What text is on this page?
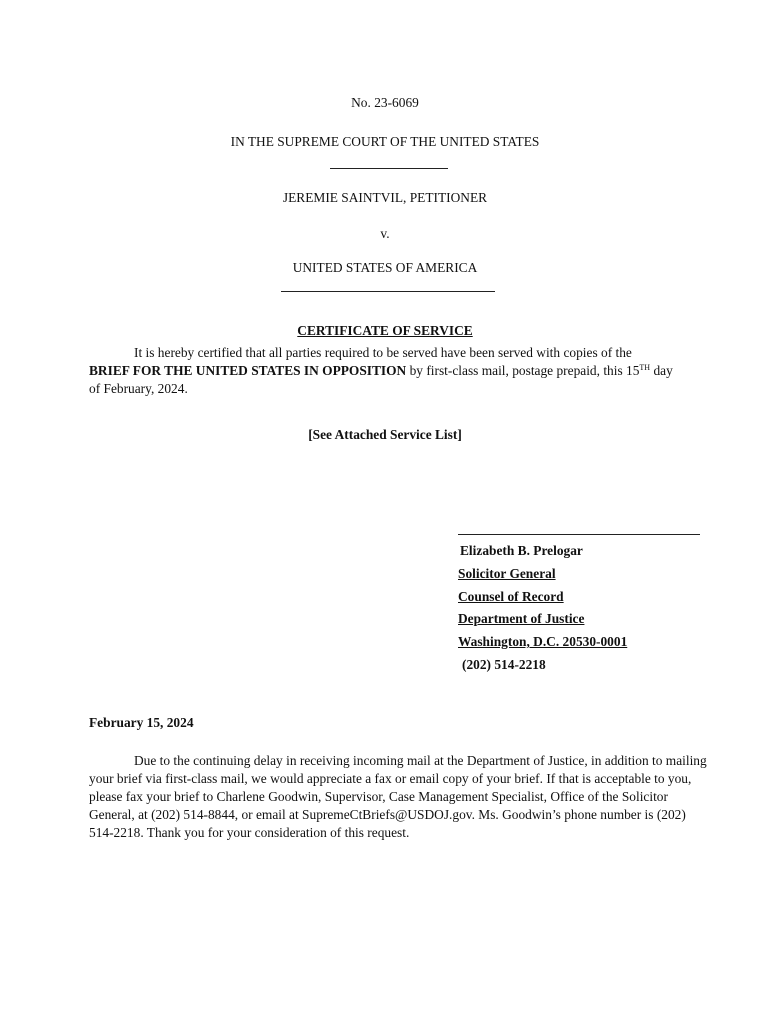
No. 23-6069
IN THE SUPREME COURT OF THE UNITED STATES
JEREMIE SAINTVIL, PETITIONER
v.
UNITED STATES OF AMERICA
CERTIFICATE OF SERVICE
It is hereby certified that all parties required to be served have been served with copies of the
BRIEF FOR THE UNITED STATES IN OPPOSITION by first-class mail, postage prepaid, this 15TH day
of February, 2024.
[See Attached Service List]
Elizabeth B. Prelogar
Solicitor General
Counsel of Record
Department of Justice
Washington, D.C. 20530-0001
(202) 514-2218
February 15, 2024
Due to the continuing delay in receiving incoming mail at the Department of Justice, in addition to mailing your brief via first-class mail, we would appreciate a fax or email copy of your brief. If that is acceptable to you, please fax your brief to Charlene Goodwin, Supervisor, Case Management Specialist, Office of the Solicitor General, at (202) 514-8844, or email at SupremeCtBriefs@USDOJ.gov. Ms. Goodwin’s phone number is (202) 514-2218. Thank you for your consideration of this request.
